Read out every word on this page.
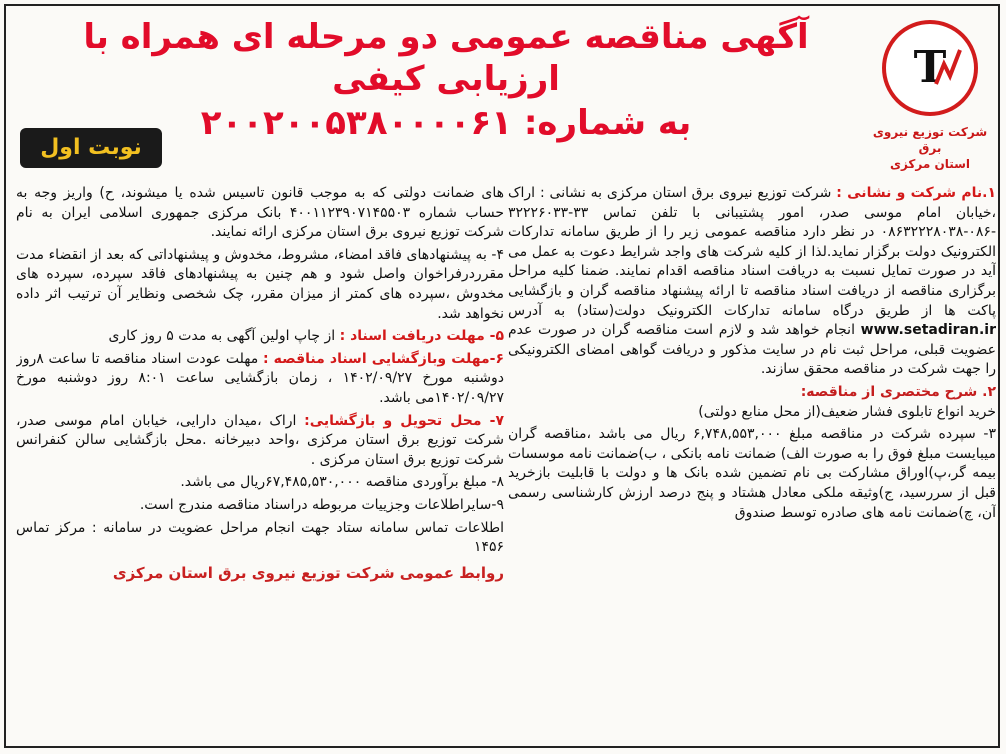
T
شرکت توزیع نیروی برق
استان مرکزی
آگهی مناقصه عمومی دو مرحله ای همراه با ارزیابی کیفی
به شماره: ۲۰۰۲۰۰۵۳۸۰۰۰۰۶۱
نوبت اول

۱.نام شرکت و نشانی : شرکت توزیع نیروی برق استان مرکزی به نشانی : اراک ،خیابان امام موسی صدر، امور پشتیبانی با تلفن تماس ۳۳-۳۲۲۲۶۰۳۳ -۰۸۶-۰۸۶۳۲۲۲۸۰۳۸ در نظر دارد مناقصه عمومی زیر را از طریق سامانه تدارکات الکترونیک دولت برگزار نماید.لذا از کلیه شرکت های واجد شرایط دعوت به عمل می آید در صورت تمایل نسبت به دریافت اسناد مناقصه اقدام نمایند. ضمنا کلیه مراحل برگزاری مناقصه از دریافت اسناد مناقصه تا ارائه پیشنهاد مناقصه گران و بازگشایی پاکت ها از طریق درگاه سامانه تدارکات الکترونیک دولت(ستاد) به آدرس www.setadiran.ir انجام خواهد شد و لازم است مناقصه گران در صورت عدم عضویت قبلی، مراحل ثبت نام در سایت مذکور و دریافت گواهی امضای الکترونیکی را جهت شرکت در مناقصه محقق سازند.

۲. شرح مختصری از مناقصه:
خرید انواع تابلوی فشار ضعیف(از محل منابع دولتی)

۳- سپرده شرکت در مناقصه مبلغ ۶,۷۴۸,۵۵۳,۰۰۰ ریال می باشد ،مناقصه گران میبایست مبلغ فوق را به صورت الف) ضمانت نامه بانکی ، ب)ضمانت نامه موسسات بیمه گر،پ)اوراق مشارکت بی نام تضمین شده بانک ها و دولت با قابلیت بازخرید قبل از سررسید، ج)وثیقه ملکی معادل هشتاد و پنج درصد ارزش کارشناسی رسمی آن، چ)ضمانت نامه های صادره توسط صندوق

های ضمانت دولتی که به موجب قانون تاسیس شده یا میشوند، ح) واریز وجه به حساب شماره ۴۰۰۱۱۲۳۹۰۷۱۴۵۵۰۳ بانک مرکزی جمهوری اسلامی ایران به نام شرکت توزیع نیروی برق استان مرکزی ارائه نمایند.

۴- به پیشنهادهای فاقد امضاء، مشروط، مخدوش و پیشنهاداتی که بعد از انقضاء مدت مقرردرفراخوان واصل شود و هم چنین به پیشنهادهای فاقد سپرده، سپرده های مخدوش ،سپرده های کمتر از میزان مقرر، چک شخصی ونظایر آن ترتیب اثر داده نخواهد شد.

۵- مهلت دریافت اسناد : از چاپ اولین آگهی به مدت ۵ روز کاری

۶-مهلت وبازگشایی اسناد مناقصه : مهلت عودت اسناد مناقصه تا ساعت ۸روز دوشنبه مورخ ۱۴۰۲/۰۹/۲۷ ، زمان بازگشایی ساعت ۸:۰۱ روز دوشنبه مورخ ۱۴۰۲/۰۹/۲۷می باشد.

۷- محل تحویل و بازگشایی: اراک ،میدان دارایی، خیابان امام موسی صدر، شرکت توزیع برق استان مرکزی ،واحد دبیرخانه .محل بازگشایی سالن کنفرانس شرکت توزیع برق استان مرکزی .

۸- مبلغ برآوردی مناقصه ۶۷,۴۸۵,۵۳۰,۰۰۰ریال می باشد.

۹-سایراطلاعات وجزییات مربوطه دراسناد مناقصه مندرج است.

اطلاعات تماس سامانه ستاد جهت انجام مراحل عضویت در سامانه : مرکز تماس ۱۴۵۶

روابط عمومی شرکت توزیع نیروی برق استان مرکزی
